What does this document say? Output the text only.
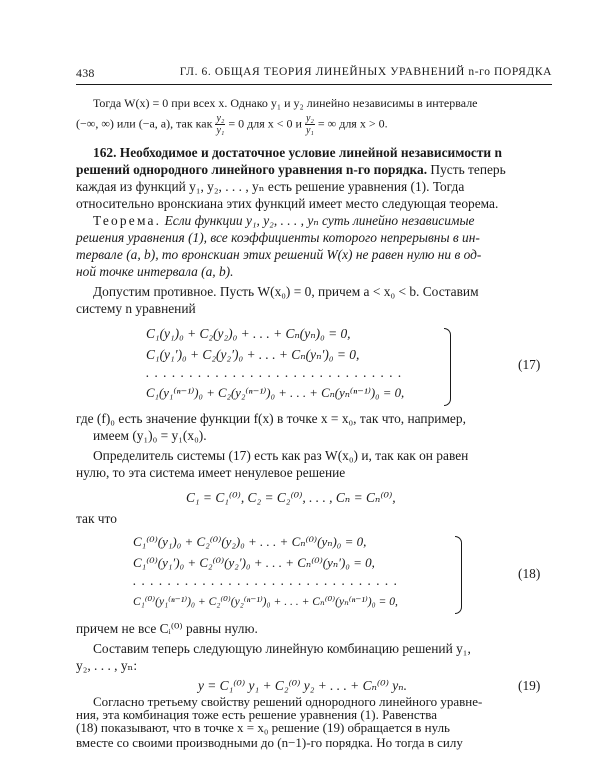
438	ГЛ. 6. ОБЩАЯ ТЕОРИЯ ЛИНЕЙНЫХ УРАВНЕНИЙ n-го ПОРЯДКА
Тогда W(x) = 0 при всех x. Однако y₁ и y₂ линейно независимы в интервале
(−∞, ∞) или (−a, a), так как $\frac{\text{y₂}}{\text{y₁}} = 0$ для x < 0 и $\frac{\text{y₂}}{\text{y₁}}$ = ∞ для x > 0.
162. Необходимое и достаточное условие линейной независимости n
решений однородного линейного уравнения n-го порядка. Пусть теперь
каждая из функций y₁, y₂, . . . , yₙ есть решение уравнения (1). Тогда
относительно вронскиана этих функций имеет место следующая теорема.
Теорема. Если функции y₁, y₂, . . . , yₙ суть линейно независимые
решения уравнения (1), все коэффициенты которого непрерывны в ин-
тервале (a, b), то вронскиан этих решений W(x) не равен нулю ни в од-
ной точке интервала (a, b).
Допустим противное. Пусть W(x₀) = 0, причем a < x₀ < b. Составим
систему n уравнений
C₁(y₁)₀ + C₂(y₂)₀ + . . . + Cₙ(yₙ)₀ = 0,
C₁(y₁′)₀ + C₂(y₂′)₀ + . . . + Cₙ(yₙ′)₀ = 0,
. . . . . . . . . . . . . . . . . . . . . . . . . . . . . .
C₁(y₁⁽ⁿ⁻¹⁾)₀ + C₂(y₂⁽ⁿ⁻¹⁾)₀ + . . . + Cₙ(yₙ⁽ⁿ⁻¹⁾)₀ = 0,
(17)
где (f)₀ есть значение функции f(x) в точке x = x₀, так что, например,
имеем (y₁)₀ = y₁(x₀).
Определитель системы (17) есть как раз W(x₀) и, так как он равен
нулю, то эта система имеет ненулевое решение
C₁ = C₁⁽⁰⁾, C₂ = C₂⁽⁰⁾, . . . , Cₙ = Cₙ⁽⁰⁾,
так что
C₁⁽⁰⁾(y₁)₀ + C₂⁽⁰⁾(y₂)₀ + . . . + Cₙ⁽⁰⁾(yₙ)₀ = 0,
C₁⁽⁰⁾(y₁′)₀ + C₂⁽⁰⁾(y₂′)₀ + . . . + Cₙ⁽⁰⁾(yₙ′)₀ = 0,
. . . . . . . . . . . . . . . . . . . . . . . . . . . . . . .
C₁⁽⁰⁾(y₁⁽ⁿ⁻¹⁾)₀ + C₂⁽⁰⁾(y₂⁽ⁿ⁻¹⁾)₀ + . . . + Cₙ⁽⁰⁾(yₙ⁽ⁿ⁻¹⁾)₀ = 0,
(18)
причем не все Cᵢ⁽⁰⁾ равны нулю.
Составим теперь следующую линейную комбинацию решений y₁,
y₂, . . . , yₙ:
y = C₁⁽⁰⁾ y₁ + C₂⁽⁰⁾ y₂ + . . . + Cₙ⁽⁰⁾ yₙ.	(19)
Согласно третьему свойству решений однородного линейного уравне-
ния, эта комбинация тоже есть решение уравнения (1). Равенства
(18) показывают, что в точке x = x₀ решение (19) обращается в нуль
вместе со своими производными до (n−1)-го порядка. Но тогда в силу
